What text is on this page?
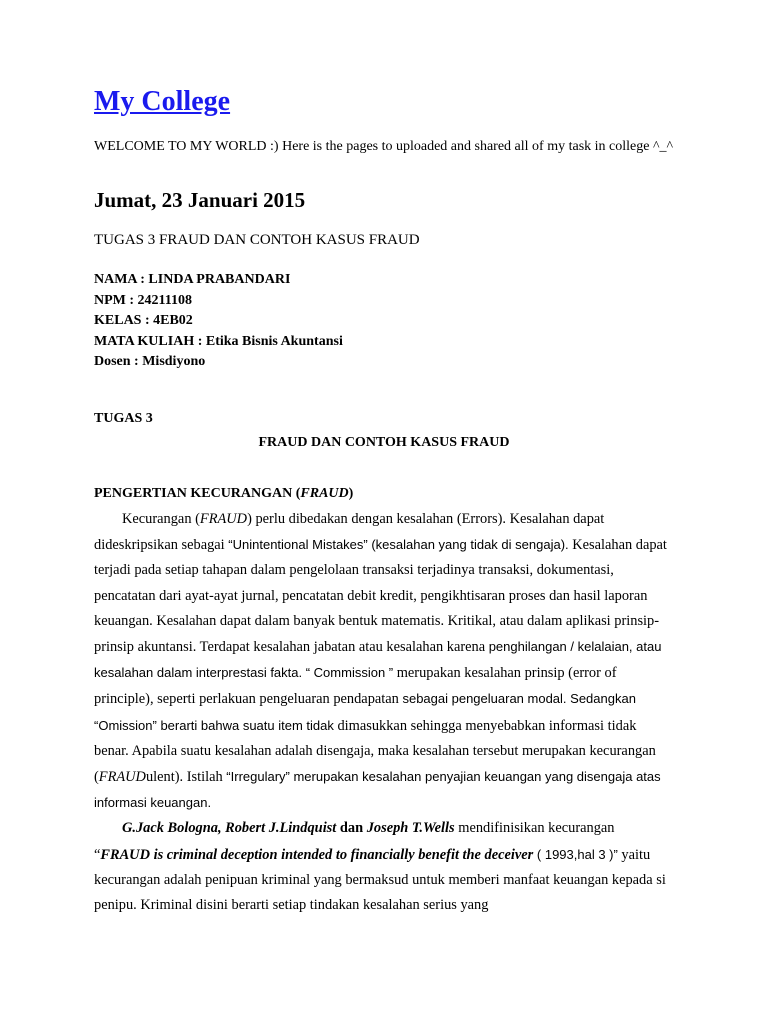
My College

WELCOME TO MY WORLD :) Here is the pages to uploaded and shared all of my task in college ^_^

Jumat, 23 Januari 2015
TUGAS 3 FRAUD DAN CONTOH KASUS FRAUD
NAMA : LINDA PRABANDARI
NPM : 24211108
KELAS : 4EB02
MATA KULIAH : Etika Bisnis Akuntansi
Dosen : Misdiyono
TUGAS 3
FRAUD DAN CONTOH KASUS FRAUD
PENGERTIAN KECURANGAN (FRAUD)

Kecurangan (FRAUD) perlu dibedakan dengan kesalahan (Errors). Kesalahan dapat dideskripsikan sebagai “Unintentional Mistakes” (kesalahan yang tidak di sengaja). Kesalahan dapat terjadi pada setiap tahapan dalam pengelolaan transaksi terjadinya transaksi, dokumentasi, pencatatan dari ayat-ayat jurnal, pencatatan debit kredit, pengikhtisaran proses dan hasil laporan keuangan. Kesalahan dapat dalam banyak bentuk matematis. Kritikal, atau dalam aplikasi prinsip-prinsip akuntansi. Terdapat kesalahan jabatan atau kesalahan karena penghilangan / kelalaian, atau kesalahan dalam interprestasi fakta. “ Commission ” merupakan kesalahan prinsip (error of principle), seperti perlakuan pengeluaran pendapatan sebagai pengeluaran modal. Sedangkan “Omission” berarti bahwa suatu item tidak dimasukkan sehingga menyebabkan informasi tidak benar. Apabila suatu kesalahan adalah disengaja, maka kesalahan tersebut merupakan kecurangan (FRAUDulent). Istilah “Irregulary” merupakan kesalahan penyajian keuangan yang disengaja atas informasi keuangan.

G.Jack Bologna, Robert J.Lindquist dan Joseph T.Wells mendifinisikan kecurangan “FRAUD is criminal deception intended to financially benefit the deceiver ( 1993,hal 3 )” yaitu kecurangan adalah penipuan kriminal yang bermaksud untuk memberi manfaat keuangan kepada si penipu. Kriminal disini berarti setiap tindakan kesalahan serius yang
